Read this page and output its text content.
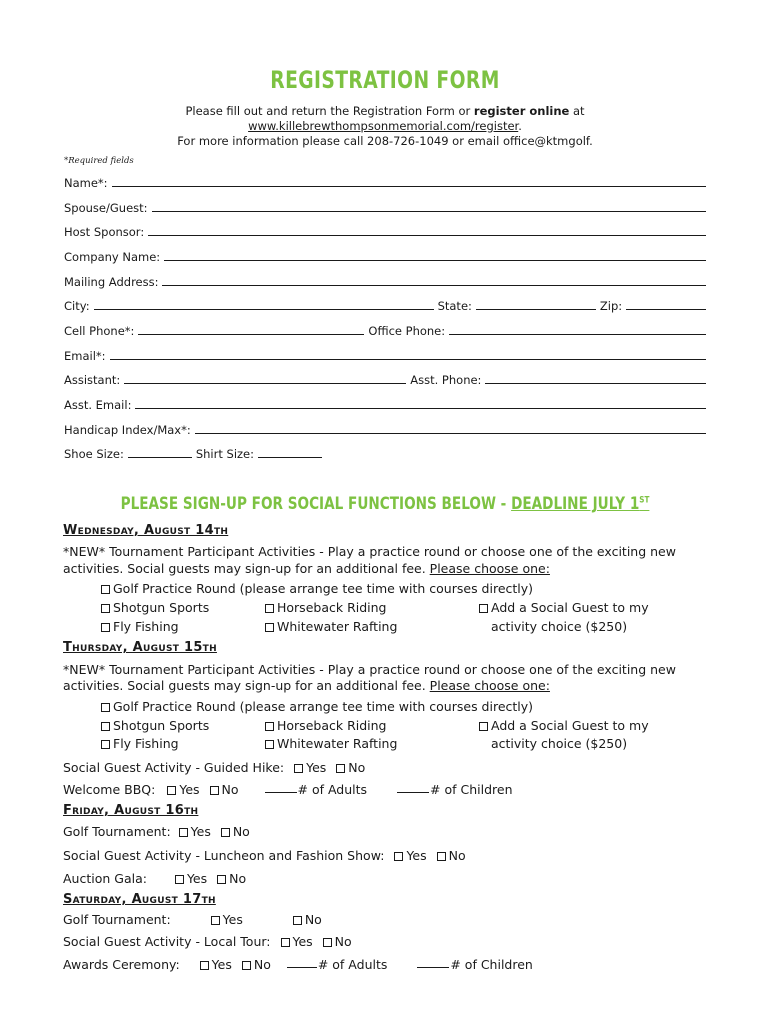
REGISTRATION FORM
Please fill out and return the Registration Form or register online at
www.killebrewthompsonmemorial.com/register.
For more information please call 208-726-1049 or email office@ktmgolf.
*Required fields
Name*:
Spouse/Guest:
Host Sponsor:
Company Name:
Mailing Address:
City:	State:	Zip:
Cell Phone*:	Office Phone:
Email*:
Assistant:	Asst. Phone:
Asst. Email:
Handicap Index/Max*:
Shoe Size:	Shirt Size:
PLEASE SIGN-UP FOR SOCIAL FUNCTIONS BELOW - DEADLINE JULY 1ST
Wednesday, August 14th
*NEW* Tournament Participant Activities - Play a practice round or choose one of the exciting new
activities. Social guests may sign-up for an additional fee. Please choose one:
Golf Practice Round (please arrange tee time with courses directly)
Shotgun Sports	Horseback Riding	Add a Social Guest to my
Fly Fishing	Whitewater Rafting	activity choice ($250)
Thursday, August 15th
*NEW* Tournament Participant Activities - Play a practice round or choose one of the exciting new
activities. Social guests may sign-up for an additional fee. Please choose one:
Golf Practice Round (please arrange tee time with courses directly)
Shotgun Sports	Horseback Riding	Add a Social Guest to my
Fly Fishing	Whitewater Rafting	activity choice ($250)
Social Guest Activity - Guided Hike: Yes No
Welcome BBQ: Yes No	# of Adults	# of Children
Friday, August 16th
Golf Tournament: Yes No
Social Guest Activity - Luncheon and Fashion Show: Yes No
Auction Gala:	Yes No
Saturday, August 17th
Golf Tournament:	Yes	No
Social Guest Activity - Local Tour: Yes No
Awards Ceremony:	Yes No	# of Adults	# of Children
